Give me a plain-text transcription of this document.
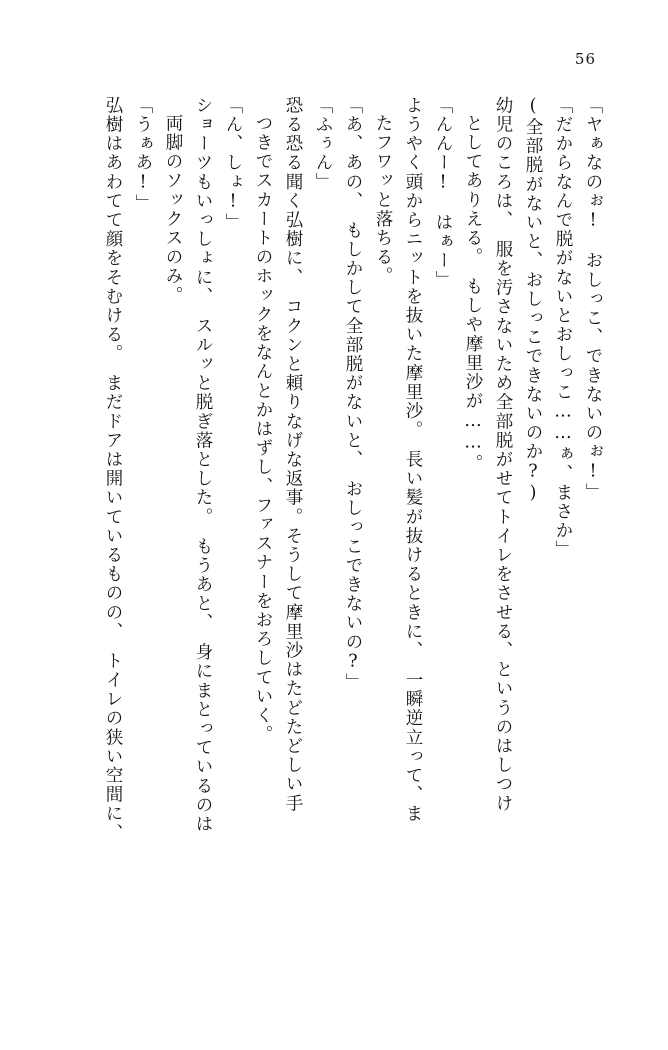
56
「ヤぁなのぉ!　おしっこ、できないのぉ!」
「だからなんで脱がないとおしっこ……ぁ、まさか」
(全部脱がないと、おしっこできないのか?)
幼児のころは、　服を汚さないため全部脱がせてトイレをさせる、というのはしつけ
としてありえる。　もしや摩里沙が……。
「んんー!　はぁー」
ようやく頭からニットを抜いた摩里沙。　長い髪が抜けるときに、　一瞬逆立って、ま
たフワッと落ちる。
「あ、あの、　もしかして全部脱がないと、　おしっこできないの?」
「ふぅん」
恐る恐る聞く弘樹に、　コクンと頼りなげな返事。そうして摩里沙はたどたどしい手
つきでスカートのホックをなんとかはずし、ファスナーをおろしていく。
「ん、しょ!」
ショーツもいっしょに、　スルッと脱ぎ落とした。　もうあと、　身にまとっているのは
両脚のソックスのみ。
「うぁあ!」
弘樹はあわてて顔をそむける。　まだドアは開いているものの、　トイレの狭い空間に、
